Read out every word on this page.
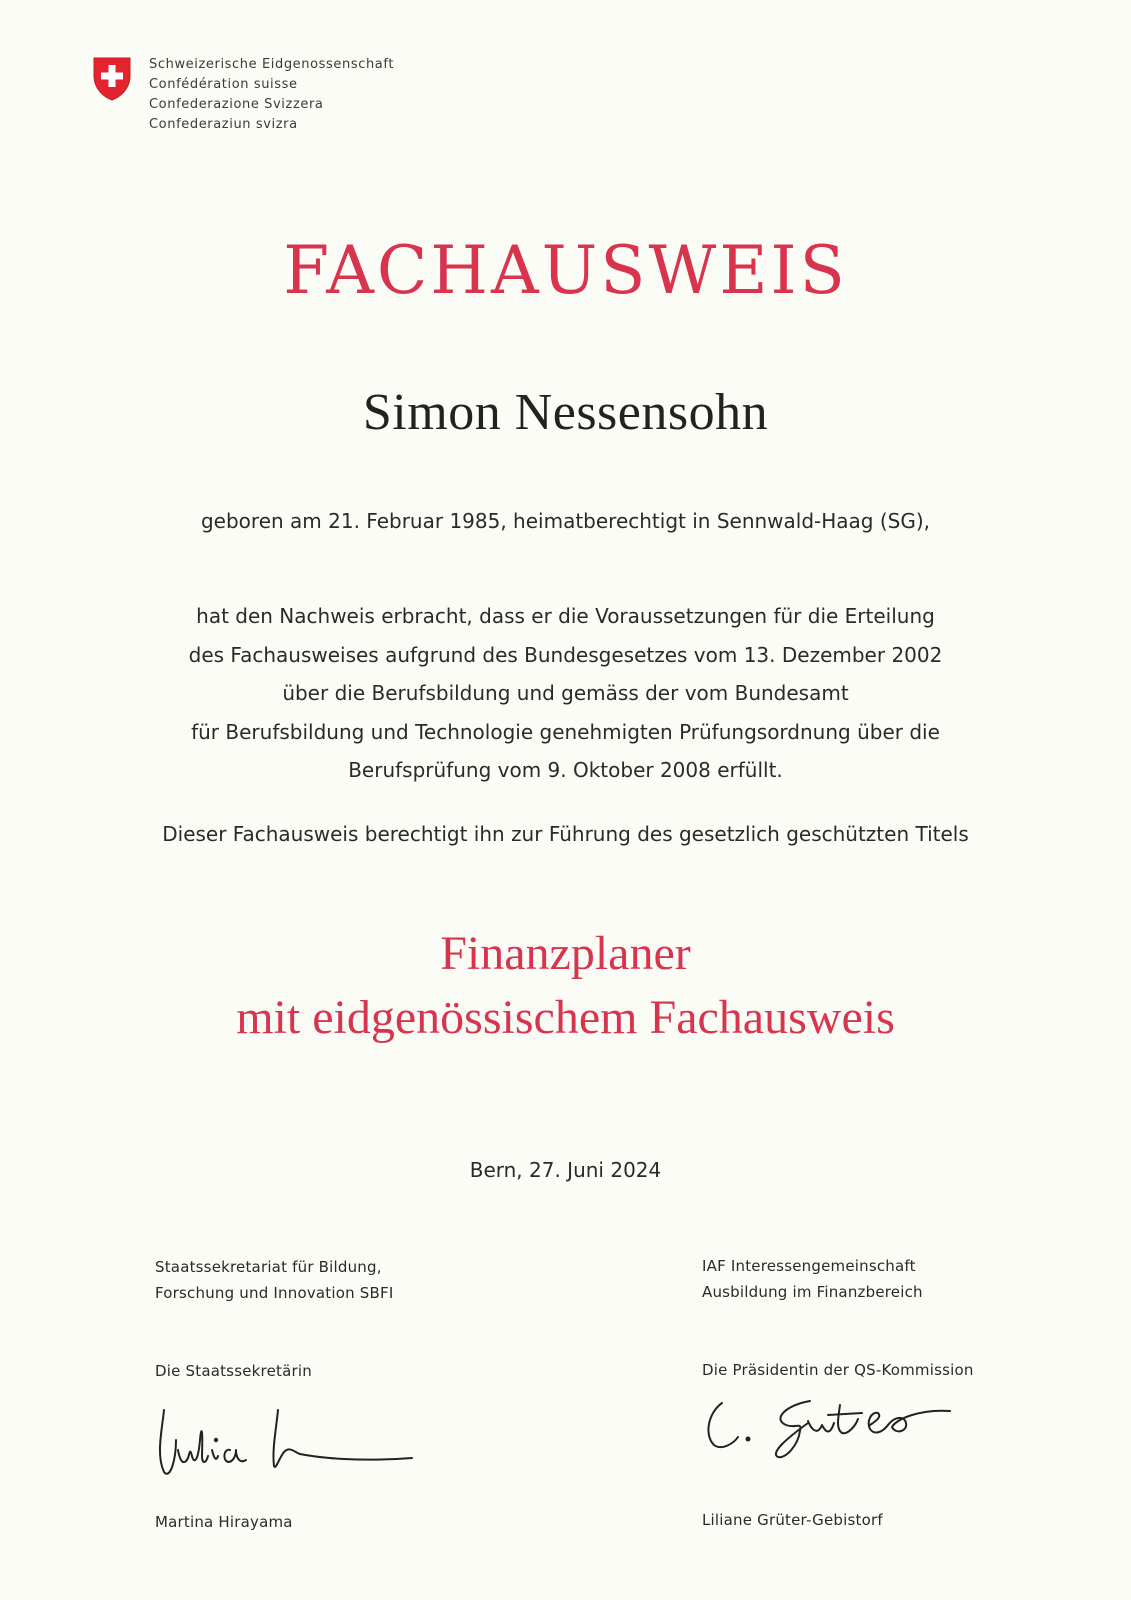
Schweizerische Eidgenossenschaft
Confédération suisse
Confederazione Svizzera
Confederaziun svizra
FACHAUSWEIS
Simon Nessensohn
geboren am 21. Februar 1985, heimatberechtigt in Sennwald-Haag (SG),
hat den Nachweis erbracht, dass er die Voraussetzungen für die Erteilung
des Fachausweises aufgrund des Bundesgesetzes vom 13. Dezember 2002
über die Berufsbildung und gemäss der vom Bundesamt
für Berufsbildung und Technologie genehmigten Prüfungsordnung über die
Berufsprüfung vom 9. Oktober 2008 erfüllt.
Dieser Fachausweis berechtigt ihn zur Führung des gesetzlich geschützten Titels
Finanzplaner
mit eidgenössischem Fachausweis
Bern, 27. Juni 2024
Staatssekretariat für Bildung,
Forschung und Innovation SBFI
IAF Interessengemeinschaft
Ausbildung im Finanzbereich
Die Staatssekretärin	Die Präsidentin der QS-Kommission
Martina Hirayama	Liliane Grüter-Gebistorf
